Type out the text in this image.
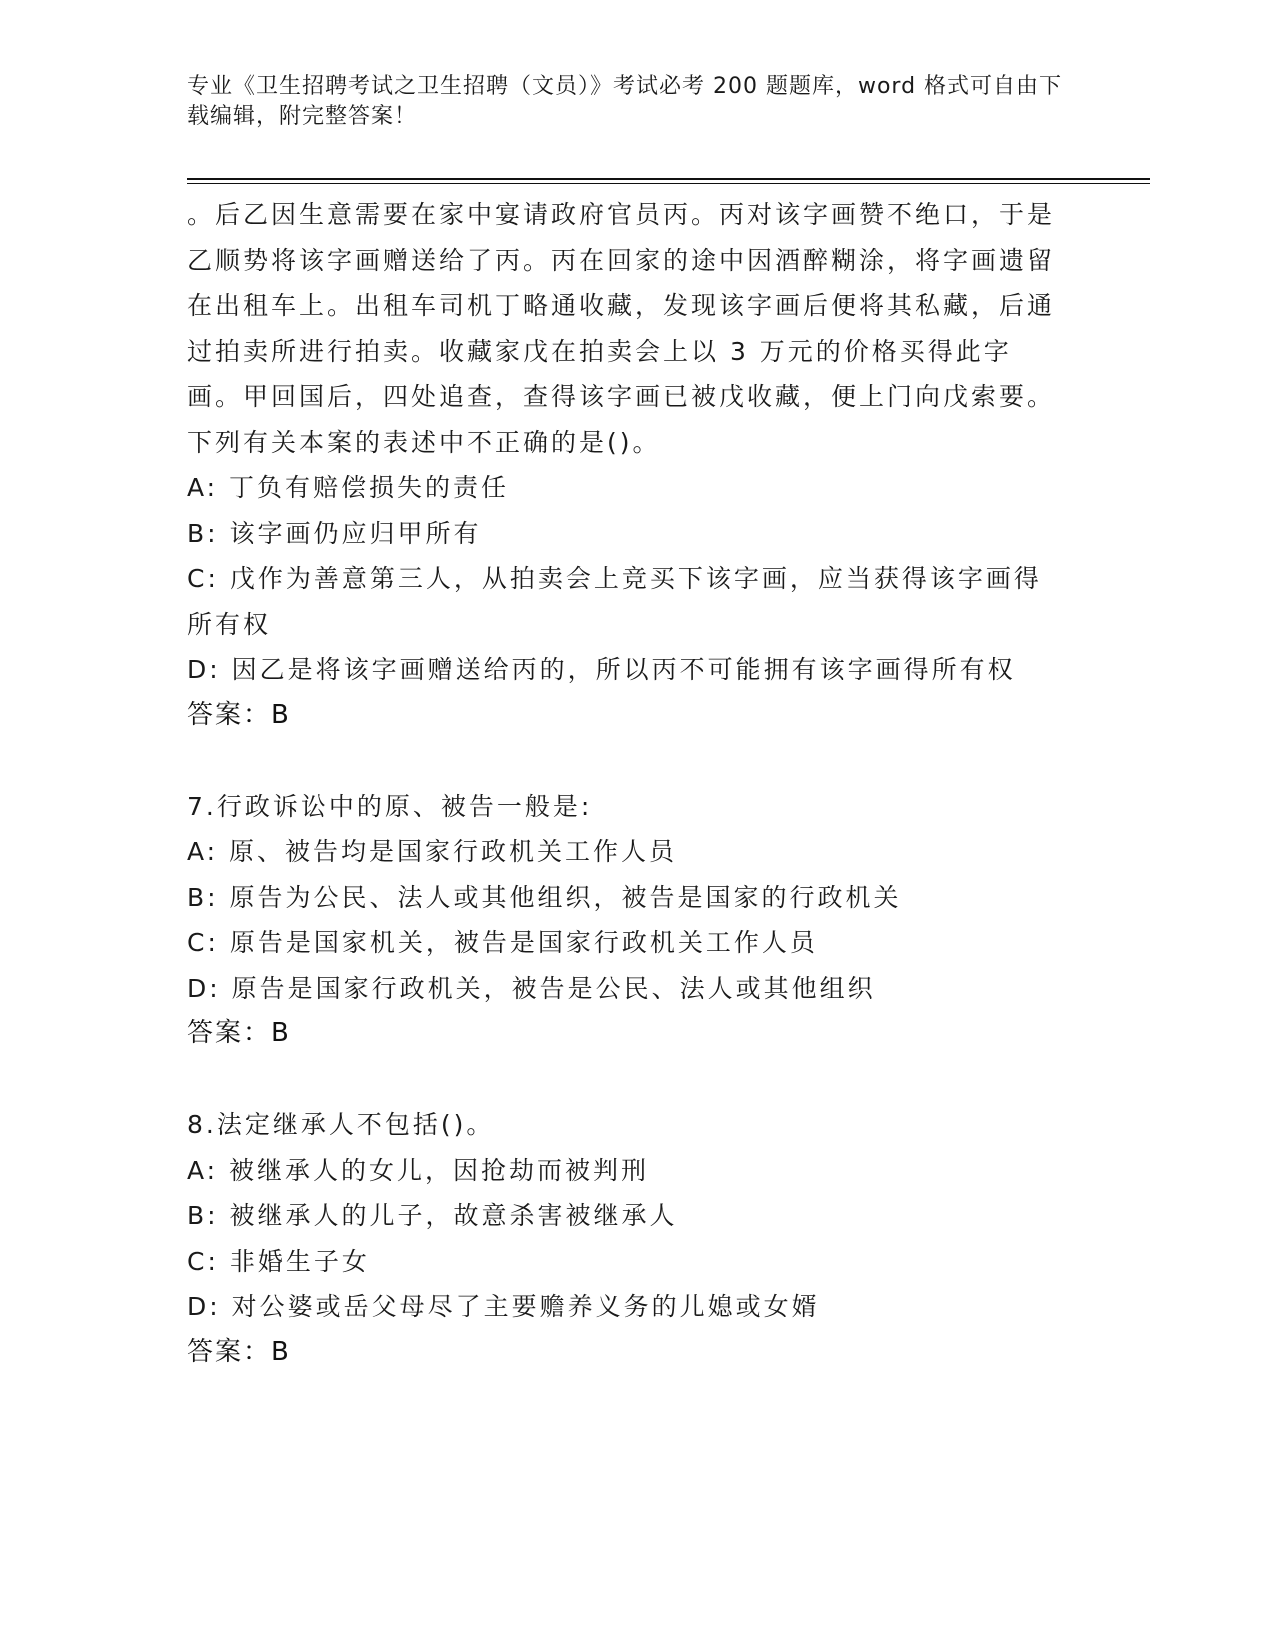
专业《卫生招聘考试之卫生招聘（文员）》考试必考 200 题题库，word 格式可自由下载编辑，附完整答案！

。后乙因生意需要在家中宴请政府官员丙。丙对该字画赞不绝口，于是乙顺势将该字画赠送给了丙。丙在回家的途中因酒醉糊涂，将字画遗留在出租车上。出租车司机丁略通收藏，发现该字画后便将其私藏，后通过拍卖所进行拍卖。收藏家戊在拍卖会上以 3 万元的价格买得此字画。甲回国后，四处追查，查得该字画已被戊收藏，便上门向戊索要。下列有关本案的表述中不正确的是()。

A: 丁负有赔偿损失的责任

B: 该字画仍应归甲所有

C: 戊作为善意第三人，从拍卖会上竞买下该字画，应当获得该字画得所有权

D: 因乙是将该字画赠送给丙的，所以丙不可能拥有该字画得所有权

答案：B

7.行政诉讼中的原、被告一般是:

A: 原、被告均是国家行政机关工作人员

B: 原告为公民、法人或其他组织，被告是国家的行政机关

C: 原告是国家机关，被告是国家行政机关工作人员

D: 原告是国家行政机关，被告是公民、法人或其他组织

答案：B

8.法定继承人不包括()。

A: 被继承人的女儿，因抢劫而被判刑

B: 被继承人的儿子，故意杀害被继承人

C: 非婚生子女

D: 对公婆或岳父母尽了主要赡养义务的儿媳或女婿

答案：B
